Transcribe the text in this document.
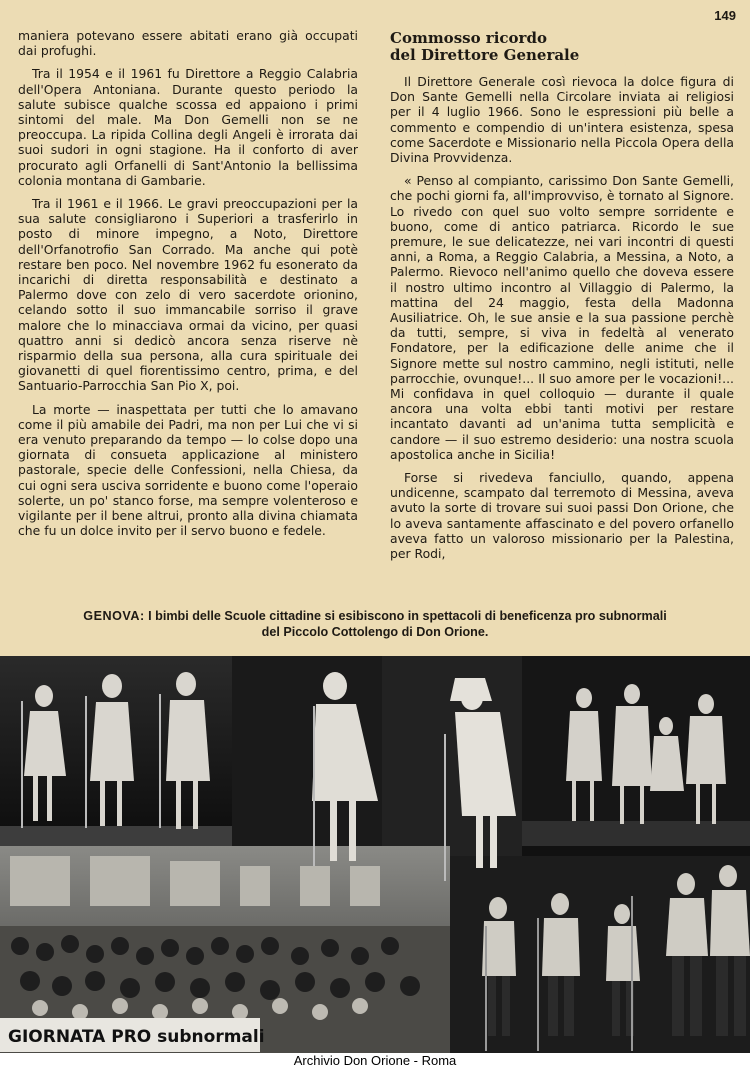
149

maniera potevano essere abitati erano già occupati dai profughi.

Tra il 1954 e il 1961 fu Direttore a Reggio Calabria dell'Opera Antoniana. Durante questo periodo la salute subisce qualche scossa ed appaiono i primi sintomi del male. Ma Don Gemelli non se ne preoccupa. La ripida Collina degli Angeli è irrorata dai suoi sudori in ogni stagione. Ha il conforto di aver procurato agli Orfanelli di Sant'Antonio la bellissima colonia montana di Gambarie.

Tra il 1961 e il 1966. Le gravi preoccupazioni per la sua salute consigliarono i Superiori a trasferirlo in posto di minore impegno, a Noto, Direttore dell'Orfanotrofio San Corrado. Ma anche qui potè restare ben poco. Nel novembre 1962 fu esonerato da incarichi di diretta responsabilità e destinato a Palermo dove con zelo di vero sacerdote orionino, celando sotto il suo immancabile sorriso il grave malore che lo minacciava ormai da vicino, per quasi quattro anni si dedicò ancora senza riserve nè risparmio della sua persona, alla cura spirituale dei giovanetti di quel fiorentissimo centro, prima, e del Santuario-Parrocchia San Pio X, poi.

La morte — inaspettata per tutti che lo amavano come il più amabile dei Padri, ma non per Lui che vi si era venuto preparando da tempo — lo colse dopo una giornata di consueta applicazione al ministero pastorale, specie delle Confessioni, nella Chiesa, da cui ogni sera usciva sorridente e buono come l'operaio solerte, un po' stanco forse, ma sempre volenteroso e vigilante per il bene altrui, pronto alla divina chiamata che fu un dolce invito per il servo buono e fedele.

Commosso ricordo
del Direttore Generale

Il Direttore Generale così rievoca la dolce figura di Don Sante Gemelli nella Circolare inviata ai religiosi per il 4 luglio 1966. Sono le espressioni più belle a commento e compendio di un'intera esistenza, spesa come Sacerdote e Missionario nella Piccola Opera della Divina Provvidenza.

« Penso al compianto, carissimo Don Sante Gemelli, che pochi giorni fa, all'improvviso, è tornato al Signore. Lo rivedo con quel suo volto sempre sorridente e buono, come di antico patriarca. Ricordo le sue premure, le sue delicatezze, nei vari incontri di questi anni, a Roma, a Reggio Calabria, a Messina, a Noto, a Palermo. Rievoco nell'animo quello che doveva essere il nostro ultimo incontro al Villaggio di Palermo, la mattina del 24 maggio, festa della Madonna Ausiliatrice. Oh, le sue ansie e la sua passione perchè da tutti, sempre, si viva in fedeltà al venerato Fondatore, per la edificazione delle anime che il Signore mette sul nostro cammino, negli istituti, nelle parrocchie, ovunque!... Il suo amore per le vocazioni!... Mi confidava in quel colloquio — durante il quale ancora una volta ebbi tanti motivi per restare incantato davanti ad un'anima tutta semplicità e candore — il suo estremo desiderio: una nostra scuola apostolica anche in Sicilia!

Forse si rivedeva fanciullo, quando, appena undicenne, scampato dal terremoto di Messina, aveva avuto la sorte di trovare sui suoi passi Don Orione, che lo aveva santamente affascinato e del povero orfanello aveva fatto un valoroso missionario per la Palestina, per Rodi,

GENOVA: I bimbi delle Scuole cittadine si esibiscono in spettacoli di beneficenza pro subnormali
del Piccolo Cottolengo di Don Orione.
GIORNATA PRO subnormali
Archivio Don Orione - Roma
